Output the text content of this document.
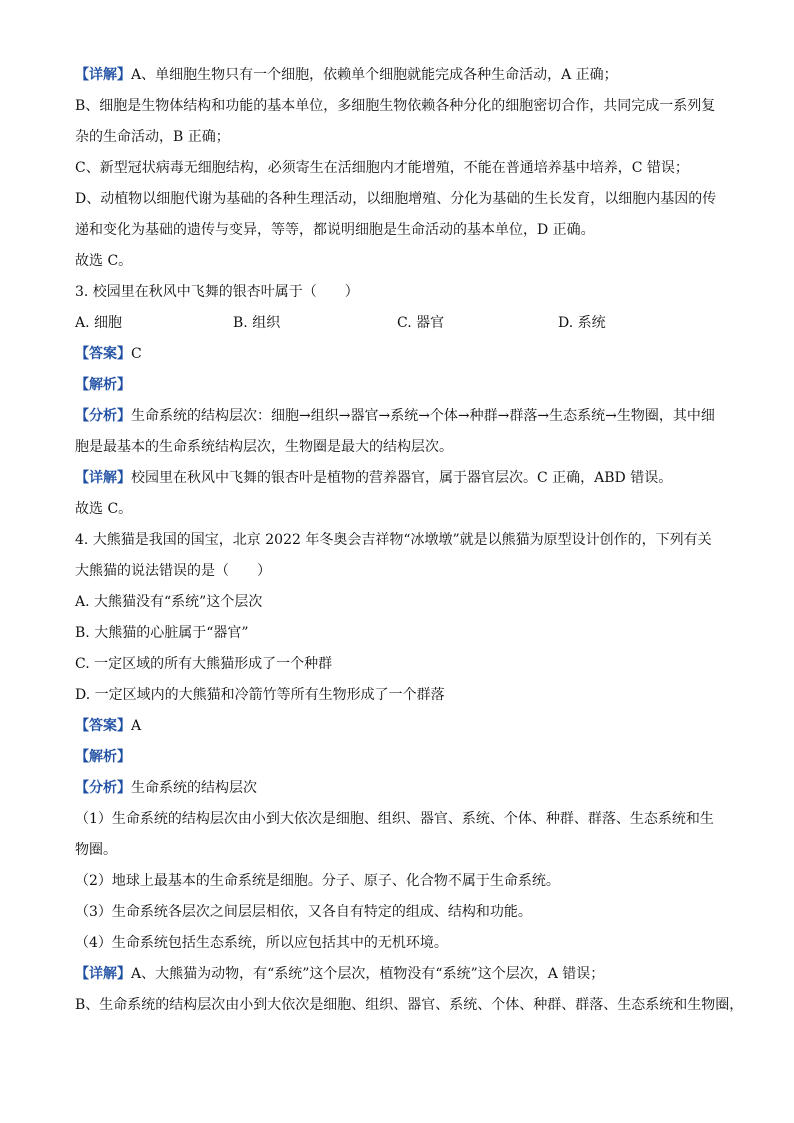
【详解】A、单细胞生物只有一个细胞，依赖单个细胞就能完成各种生命活动，A 正确；
B、细胞是生物体结构和功能的基本单位，多细胞生物依赖各种分化的细胞密切合作，共同完成一系列复杂的生命活动，B 正确；
C、新型冠状病毒无细胞结构，必须寄生在活细胞内才能增殖，不能在普通培养基中培养，C 错误；
D、动植物以细胞代谢为基础的各种生理活动，以细胞增殖、分化为基础的生长发育，以细胞内基因的传递和变化为基础的遗传与变异，等等，都说明细胞是生命活动的基本单位，D 正确。
故选 C。
3. 校园里在秋风中飞舞的银杏叶属于（　　）
A. 细胞	B. 组织	C. 器官	D. 系统
【答案】C
【解析】
【分析】生命系统的结构层次：细胞→组织→器官→系统→个体→种群→群落→生态系统→生物圈，其中细胞是最基本的生命系统结构层次，生物圈是最大的结构层次。
【详解】校园里在秋风中飞舞的银杏叶是植物的营养器官，属于器官层次。C 正确，ABD 错误。
故选 C。
4. 大熊猫是我国的国宝，北京 2022 年冬奥会吉祥物“冰墩墩”就是以熊猫为原型设计创作的，下列有关大熊猫的说法错误的是（　　）
A. 大熊猫没有“系统”这个层次
B. 大熊猫的心脏属于“器官”
C. 一定区域的所有大熊猫形成了一个种群
D. 一定区域内的大熊猫和冷箭竹等所有生物形成了一个群落
【答案】A
【解析】
【分析】生命系统的结构层次
（1）生命系统的结构层次由小到大依次是细胞、组织、器官、系统、个体、种群、群落、生态系统和生物圈。
（2）地球上最基本的生命系统是细胞。分子、原子、化合物不属于生命系统。
（3）生命系统各层次之间层层相依，又各自有特定的组成、结构和功能。
（4）生命系统包括生态系统，所以应包括其中的无机环境。
【详解】A、大熊猫为动物，有“系统”这个层次，植物没有“系统”这个层次，A 错误；
B、生命系统的结构层次由小到大依次是细胞、组织、器官、系统、个体、种群、群落、生态系统和生物圈，
